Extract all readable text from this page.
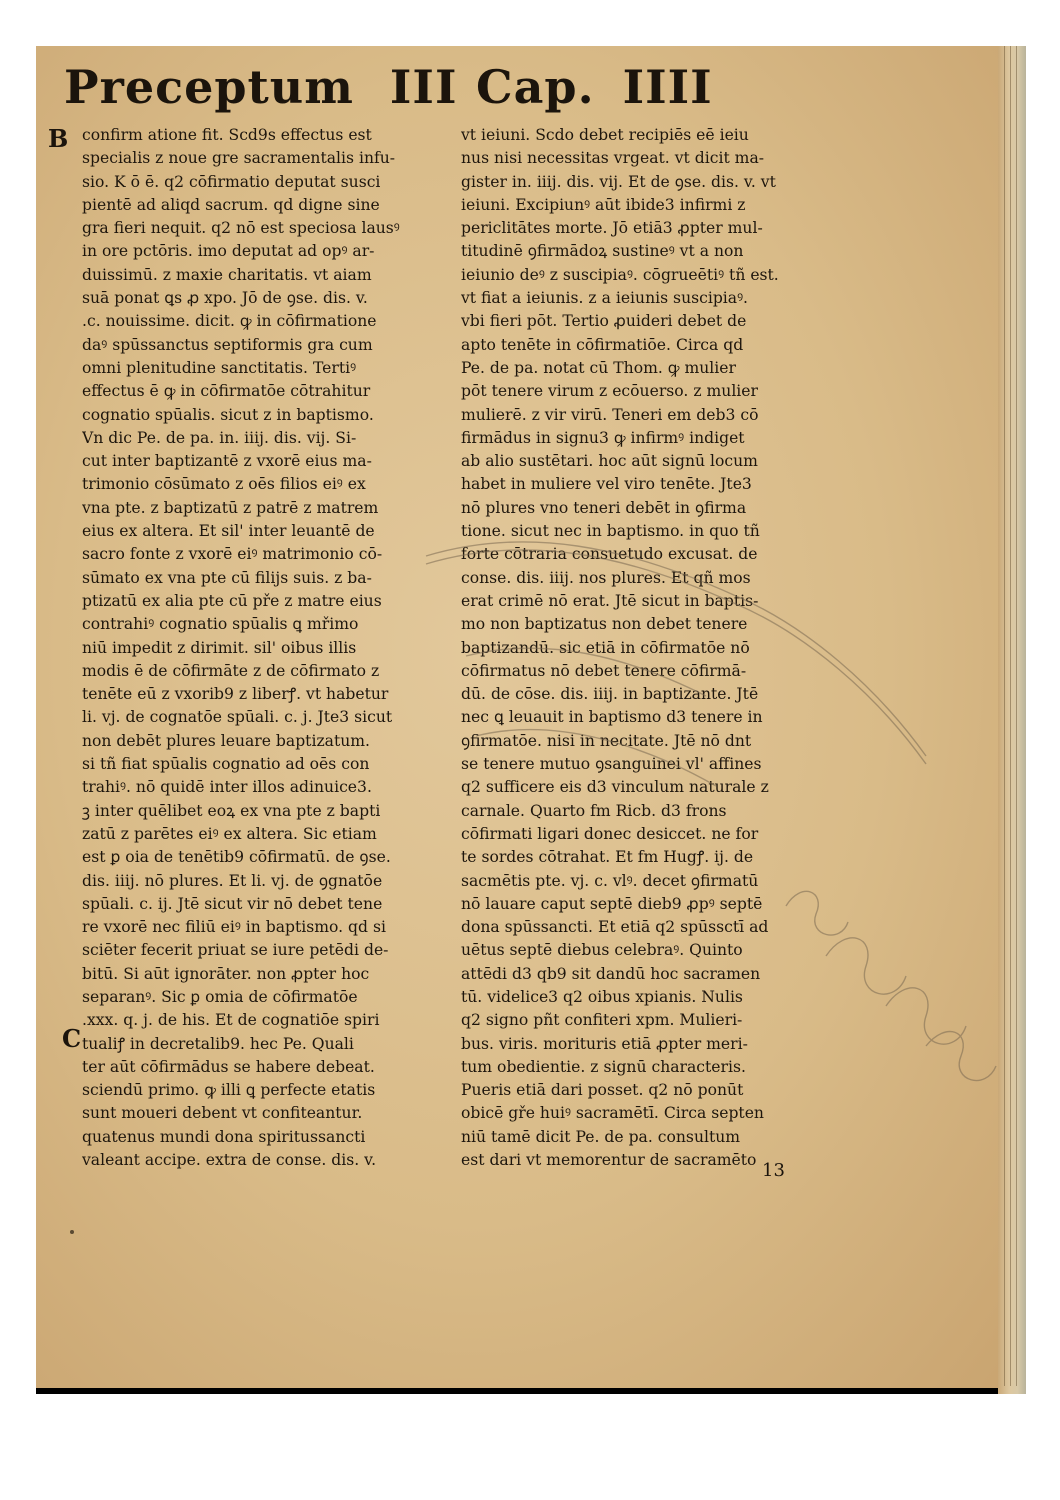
Preceptum III Cap. IIII
B
C
confirm atione fit. Scd9s effectus est
specialis z noue gre sacramentalis infu-
sio. K ō ē. q2 cōfirmatio deputat susci
pientē ad aliqd sacrum. qd digne sine
gra fieri nequit. q2 nō est speciosa lausꝰ
in ore pctōris. imo deputat ad opꝰ ar-
duissimū. z maxie charitatis. vt aiam
suā ponat ꝗs ꝓ xpo. Jō de ꝯse. dis. v.
.c. nouissime. dicit. ꝙ in cōfirmatione
daꝰ spūssanctus septiformis gra cum
omni plenitudine sanctitatis. Tertiꝰ
effectus ē ꝙ in cōfirmatōe cōtrahitur
cognatio spūalis. sicut z in baptismo.
Vn dic Pe. de pa. in. iiij. dis. vij. Si-
cut inter baptizantē z vxorē eius ma-
trimonio cōsūmato z oēs filios eiꝰ ex
vna pte. z baptizatū z patrē z matrem
eius ex altera. Et sil' inter leuantē de
sacro fonte z vxorē eiꝰ matrimonio cō-
sūmato ex vna pte cū filijs suis. z ba-
ptizatū ex alia pte cū pře z matre eius
contrahiꝰ cognatio spūalis ꝗ mřimo
niū impedit z dirimit. sil' oibus illis
modis ē de cōfirmāte z de cōfirmato z
tenēte eū z vxorib9 z liberꝭ. vt habetur
li. vj. de cognatōe spūali. c. j. Jte3 sicut
non debēt plures leuare baptizatum.
si tñ fiat spūalis cognatio ad oēs con
trahiꝰ. nō quidē inter illos adinuice3.
ꝫ inter quēlibet eoꝝ ex vna pte z bapti
zatū z parētes eiꝰ ex altera. Sic etiam
est ꝑ oia de tenētib9 cōfirmatū. de ꝯse.
dis. iiij. nō plures. Et li. vj. de ꝯgnatōe
spūali. c. ij. Jtē sicut vir nō debet tene
re vxorē nec filiū eiꝰ in baptismo. qd si
sciēter fecerit priuat se iure petēdi de-
bitū. Si aūt ignorāter. non ꝓpter hoc
separanꝰ. Sic ꝑ omia de cōfirmatōe
.xxx. q. j. de his. Et de cognatiōe spiri
tualiꝭ in decretalib9. hec Pe. Quali
ter aūt cōfirmādus se habere debeat.
sciendū primo. ꝙ illi ꝗ perfecte etatis
sunt moueri debent vt confiteantur.
quatenus mundi dona spiritussancti
valeant accipe. extra de conse. dis. v.
vt ieiuni. Scdo debet recipiēs eē ieiu
nus nisi necessitas vrgeat. vt dicit ma-
gister in. iiij. dis. vij. Et de ꝯse. dis. v. vt
ieiuni. Excipiunꝰ aūt ibide3 infirmi z
periclitātes morte. Jō etiā3 ꝓpter mul-
titudinē ꝯfirmādoꝝ sustineꝰ vt a non
ieiunio deꝰ z suscipiaꝰ. cōgrueētiꝰ tñ est.
vt fiat a ieiunis. z a ieiunis suscipiaꝰ.
vbi fieri pōt. Tertio ꝓuideri debet de
apto tenēte in cōfirmatiōe. Circa qd
Pe. de pa. notat cū Thom. ꝙ mulier
pōt tenere virum z ecōuerso. z mulier
mulierē. z vir virū. Teneri em deb3 cō
firmādus in signu3 ꝙ infirmꝰ indiget
ab alio sustētari. hoc aūt signū locum
habet in muliere vel viro tenēte. Jte3
nō plures vno teneri debēt in ꝯfirma
tione. sicut nec in baptismo. in quo tñ
forte cōtraria consuetudo excusat. de
conse. dis. iiij. nos plures. Et qñ mos
erat crimē nō erat. Jtē sicut in baptis-
mo non baptizatus non debet tenere
baptizandū. sic etiā in cōfirmatōe nō
cōfirmatus nō debet tenere cōfirmā-
dū. de cōse. dis. iiij. in baptizante. Jtē
nec ꝗ leuauit in baptismo d3 tenere in
ꝯfirmatōe. nisi in necitate. Jtē nō dnt
se tenere mutuo ꝯsanguinei vl' affines
q2 sufficere eis d3 vinculum naturale z
carnale. Quarto fm Ricb. d3 frons
cōfirmati ligari donec desiccet. ne for
te sordes cōtrahat. Et fm Hugꝭ. ij. de
sacmētis pte. vj. c. vlꝰ. decet ꝯfirmatū
nō lauare caput septē dieb9 ꝓpꝰ septē
dona spūssancti. Et etiā q2 spūssctī ad
uētus septē diebus celebraꝰ. Quinto
attēdi d3 qb9 sit dandū hoc sacramen
tū. videlice3 q2 oibus xpianis. Nulis
q2 signo pñt confiteri xpm. Mulieri-
bus. viris. morituris etiā ꝓpter meri-
tum obedientie. z signū characteris.
Pueris etiā dari posset. q2 nō ponūt
obicē gře huiꝰ sacramētī. Circa septen
niū tamē dicit Pe. de pa. consultum
est dari vt memorentur de sacramēto 13
